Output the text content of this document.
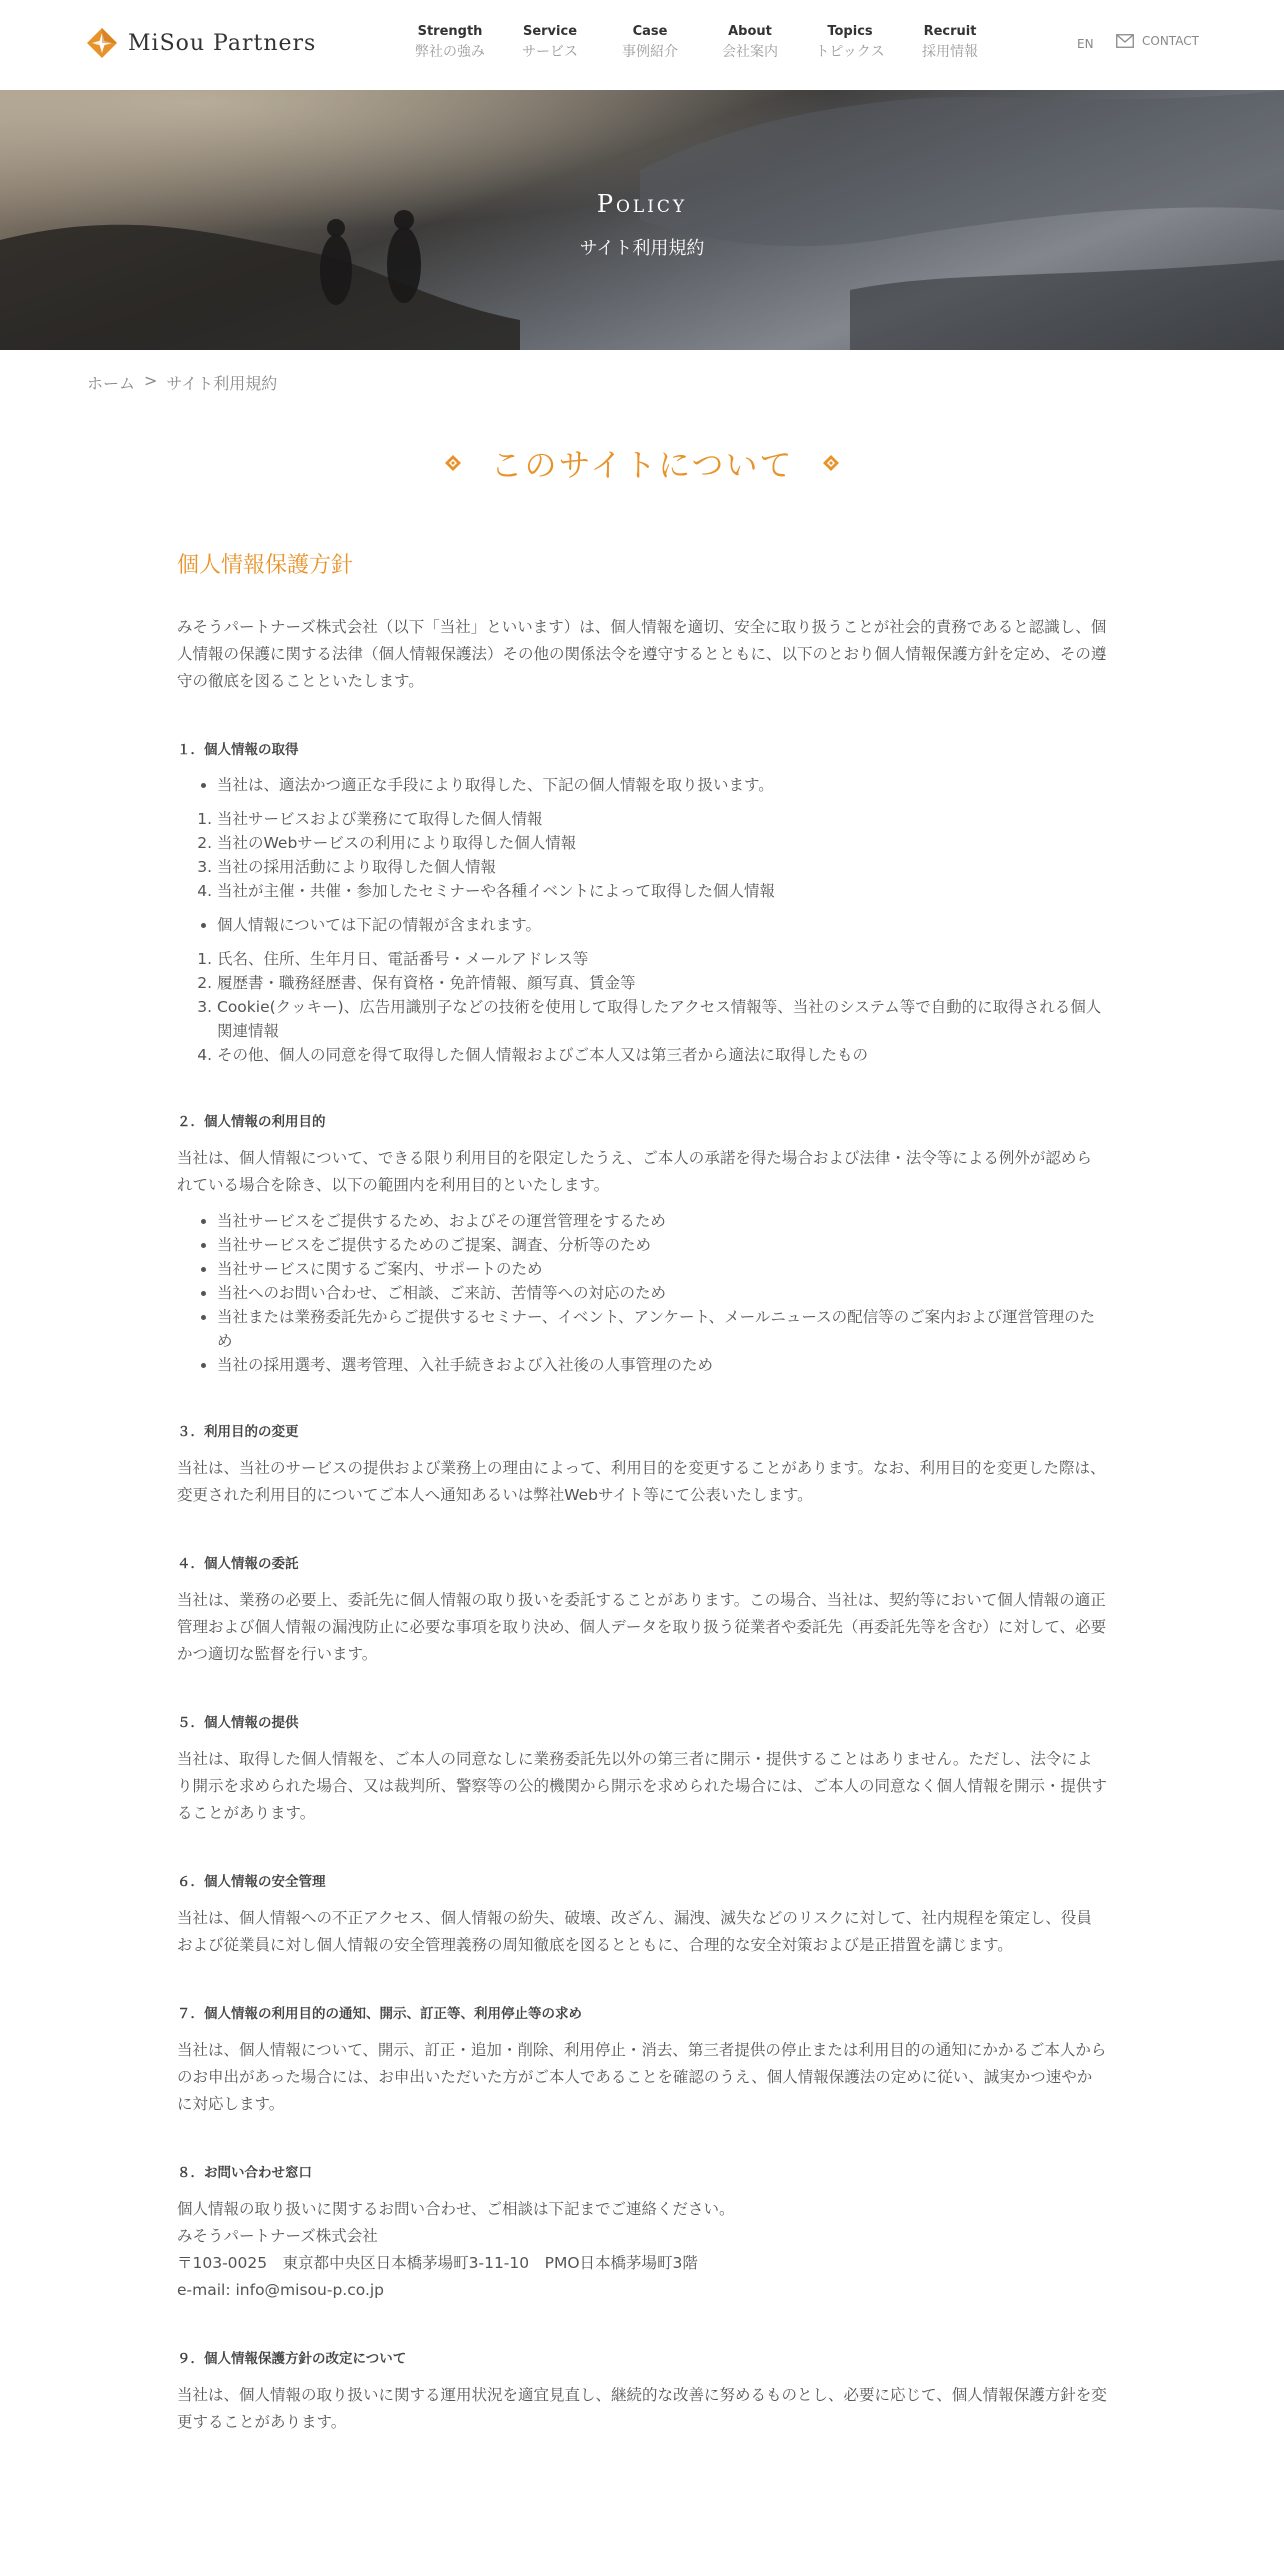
MiSou Partners	Strength
弊社の強み
Service
サービス
Case
事例紹介
About
会社案内
Topics
トピックス
Recruit
採用情報	EN	CONTACT
Policy
サイト利用規約
ホーム > サイト利用規約
このサイトについて
個人情報保護方針

みそうパートナーズ株式会社（以下「当社」といいます）は、個人情報を適切、安全に取り扱うことが社会的責務であると認識し、個人情報の保護に関する法律（個人情報保護法）その他の関係法令を遵守するとともに、以下のとおり個人情報保護方針を定め、その遵守の徹底を図ることといたします。

１．個人情報の取得
• 当社は、適法かつ適正な手段により取得した、下記の個人情報を取り扱います。
1. 当社サービスおよび業務にて取得した個人情報
2. 当社のWebサービスの利用により取得した個人情報
3. 当社の採用活動により取得した個人情報
4. 当社が主催・共催・参加したセミナーや各種イベントによって取得した個人情報
• 個人情報については下記の情報が含まれます。
1. 氏名、住所、生年月日、電話番号・メールアドレス等
2. 履歴書・職務経歴書、保有資格・免許情報、顔写真、賃金等
3. Cookie(クッキー)、広告用識別子などの技術を使用して取得したアクセス情報等、当社のシステム等で自動的に取得される個人関連情報
4. その他、個人の同意を得て取得した個人情報およびご本人又は第三者から適法に取得したもの
２．個人情報の利用目的

当社は、個人情報について、できる限り利用目的を限定したうえ、ご本人の承諾を得た場合および法律・法令等による例外が認められている場合を除き、以下の範囲内を利用目的といたします。

• 当社サービスをご提供するため、およびその運営管理をするため
• 当社サービスをご提供するためのご提案、調査、分析等のため
• 当社サービスに関するご案内、サポートのため
• 当社へのお問い合わせ、ご相談、ご来訪、苦情等への対応のため
• 当社または業務委託先からご提供するセミナー、イベント、アンケート、メールニュースの配信等のご案内および運営管理のため
• 当社の採用選考、選考管理、入社手続きおよび入社後の人事管理のため
３．利用目的の変更

当社は、当社のサービスの提供および業務上の理由によって、利用目的を変更することがあります。なお、利用目的を変更した際は、変更された利用目的についてご本人へ通知あるいは弊社Webサイト等にて公表いたします。

４．個人情報の委託

当社は、業務の必要上、委託先に個人情報の取り扱いを委託することがあります。この場合、当社は、契約等において個人情報の適正管理および個人情報の漏洩防止に必要な事項を取り決め、個人データを取り扱う従業者や委託先（再委託先等を含む）に対して、必要かつ適切な監督を行います。

５．個人情報の提供

当社は、取得した個人情報を、ご本人の同意なしに業務委託先以外の第三者に開示・提供することはありません。ただし、法令により開示を求められた場合、又は裁判所、警察等の公的機関から開示を求められた場合には、ご本人の同意なく個人情報を開示・提供することがあります。

６．個人情報の安全管理

当社は、個人情報への不正アクセス、個人情報の紛失、破壊、改ざん、漏洩、滅失などのリスクに対して、社内規程を策定し、役員および従業員に対し個人情報の安全管理義務の周知徹底を図るとともに、合理的な安全対策および是正措置を講じます。

７．個人情報の利用目的の通知、開示、訂正等、利用停止等の求め

当社は、個人情報について、開示、訂正・追加・削除、利用停止・消去、第三者提供の停止または利用目的の通知にかかるご本人からのお申出があった場合には、お申出いただいた方がご本人であることを確認のうえ、個人情報保護法の定めに従い、誠実かつ速やかに対応します。

８．お問い合わせ窓口

個人情報の取り扱いに関するお問い合わせ、ご相談は下記までご連絡ください。

みそうパートナーズ株式会社

〒103-0025　東京都中央区日本橋茅場町3-11-10　PMO日本橋茅場町3階

e-mail: info@misou-p.co.jp

９．個人情報保護方針の改定について

当社は、個人情報の取り扱いに関する運用状況を適宜見直し、継続的な改善に努めるものとし、必要に応じて、個人情報保護方針を変更することがあります。
